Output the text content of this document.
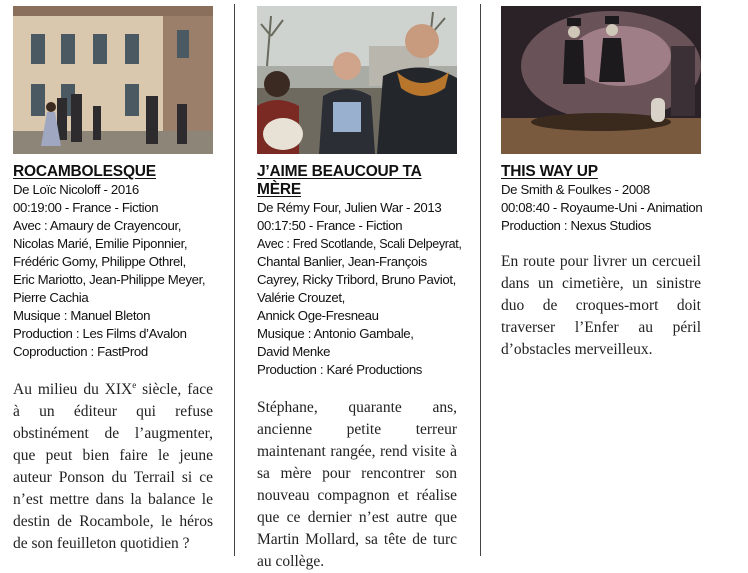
ROCAMBOLESQUE
De Loïc Nicoloff - 2016
00:19:00 - France - Fiction
Avec : Amaury de Crayencour,
Nicolas Marié, Emilie Piponnier,
Frédéric Gomy, Philippe Othrel,
Eric Mariotto, Jean-Philippe Meyer,
Pierre Cachia
Musique : Manuel Bleton
Production : Les Films d’Avalon
Coproduction : FastProd
Au milieu du XIXe siècle, face à un éditeur qui refuse obstinément de l’augmenter, que peut bien faire le jeune auteur Ponson du Terrail si ce n’est mettre dans la balance le destin de Rocambole, le héros de son feuilleton quotidien ?
J’AIME BEAUCOUP TA MÈRE
De Rémy Four, Julien War - 2013
00:17:50 - France - Fiction
Avec : Fred Scotlande, Scali Delpeyrat,
Chantal Banlier, Jean-François
Cayrey, Ricky Tribord, Bruno Paviot,
Valérie Crouzet,
Annick Oge-Fresneau
Musique : Antonio Gambale,
David Menke
Production : Karé Productions
Stéphane, quarante ans, ancienne petite terreur maintenant rangée, rend visite à sa mère pour rencontrer son nouveau compagnon et réalise que ce dernier n’est autre que Martin Mollard, sa tête de turc au collège.
THIS WAY UP
De Smith & Foulkes - 2008
00:08:40 - Royaume-Uni - Animation
Production : Nexus Studios
En route pour livrer un cercueil dans un cimetière, un sinistre duo de croques-mort doit traverser l’Enfer au péril d’obstacles merveilleux.
